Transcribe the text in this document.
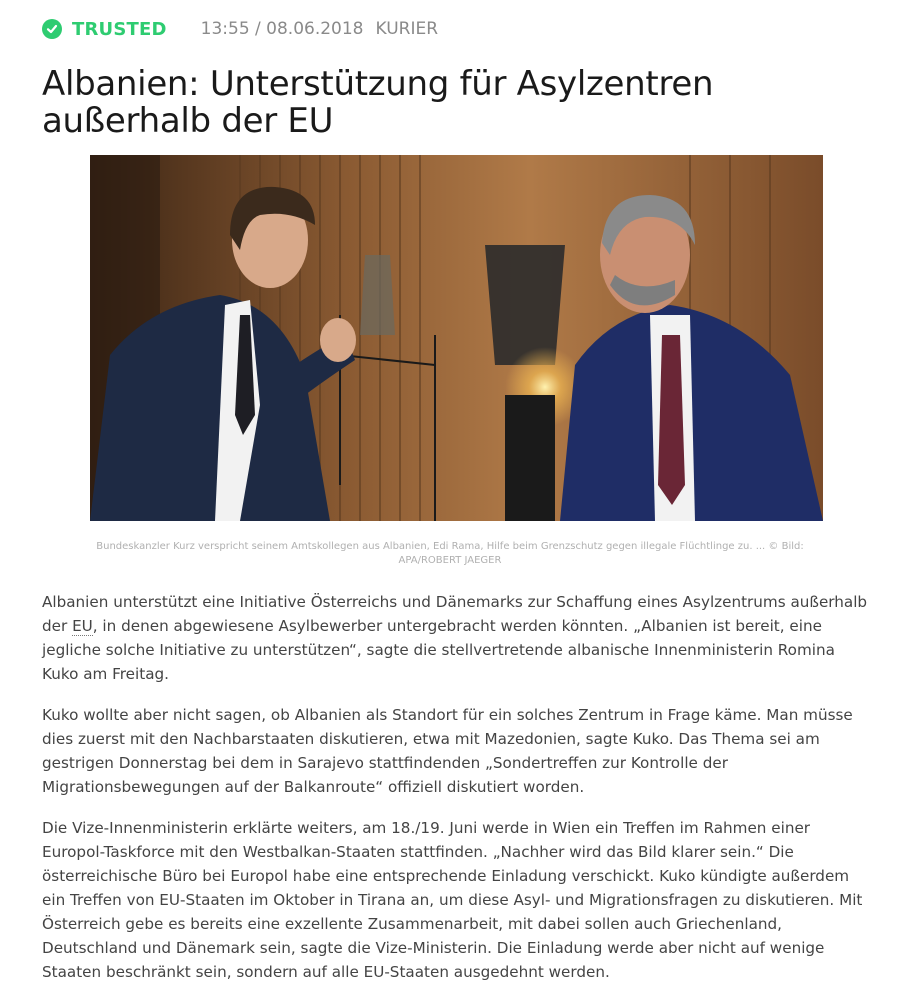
TRUSTED 13:55 / 08.06.2018 KURIER
Albanien: Unterstützung für Asylzentren
außerhalb der EU
Bundeskanzler Kurz verspricht seinem Amtskollegen aus Albanien, Edi Rama, Hilfe beim Grenzschutz gegen illegale Flüchtlinge zu. ... © Bild:
APA/ROBERT JAEGER

Albanien unterstützt eine Initiative Österreichs und Dänemarks zur Schaffung eines Asylzentrums außerhalb der EU, in denen abgewiesene Asylbewerber untergebracht werden könnten. „Albanien ist bereit, eine jegliche solche Initiative zu unterstützen“, sagte die stellvertretende albanische Innenministerin Romina Kuko am Freitag.

Kuko wollte aber nicht sagen, ob Albanien als Standort für ein solches Zentrum in Frage käme. Man müsse dies zuerst mit den Nachbarstaaten diskutieren, etwa mit Mazedonien, sagte Kuko. Das Thema sei am gestrigen Donnerstag bei dem in Sarajevo stattfindenden „Sondertreffen zur Kontrolle der Migrationsbewegungen auf der Balkanroute“ offiziell diskutiert worden.

Die Vize-Innenministerin erklärte weiters, am 18./19. Juni werde in Wien ein Treffen im Rahmen einer Europol-Taskforce mit den Westbalkan-Staaten stattfinden. „Nachher wird das Bild klarer sein.“ Die österreichische Büro bei Europol habe eine entsprechende Einladung verschickt. Kuko kündigte außerdem ein Treffen von EU-Staaten im Oktober in Tirana an, um diese Asyl- und Migrationsfragen zu diskutieren. Mit Österreich gebe es bereits eine exzellente Zusammenarbeit, mit dabei sollen auch Griechenland, Deutschland und Dänemark sein, sagte die Vize-Ministerin. Die Einladung werde aber nicht auf wenige Staaten beschränkt sein, sondern auf alle EU-Staaten ausgedehnt werden.
